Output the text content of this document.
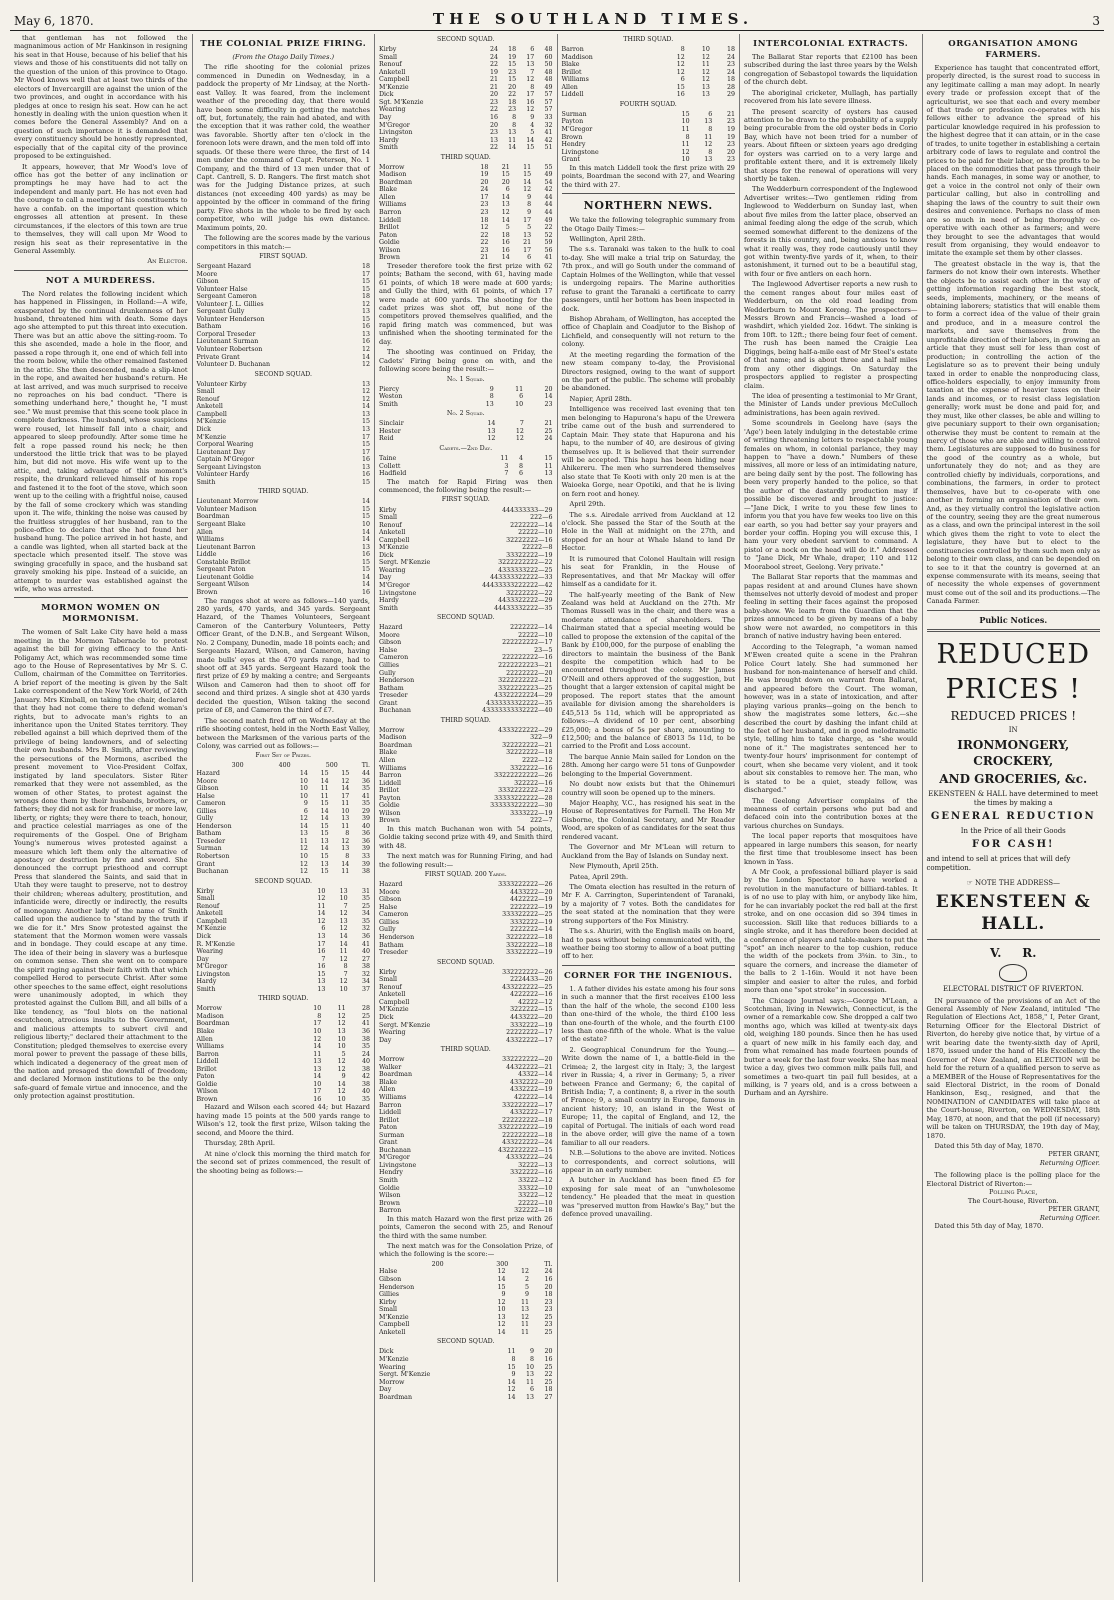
May 6, 1870.	THE SOUTHLAND TIMES.	3

that gentleman has not followed the magnanimous action of Mr Hankinson in resigning his seat in that House, because of his belief that his views and those of his constituents did not tally on the question of the union of this province to Otago. Mr Wood knows well that at least two thirds of the electors of Invercargill are against the union of the two provinces, and ought in accordance with his pledges at once to resign his seat. How can he act honestly in dealing with the union question when it comes before the General Assembly? And on a question of such importance it is demanded that every constituency should be honestly represented, especially that of the capital city of the province proposed to be extinguished.

It appears, however, that Mr Wood's love of office has got the better of any inclination or promptings he may have had to act the independent and manly part. He has not even had the courage to call a meeting of his constituents to have a confab. on the important question which engrosses all attention at present. In these circumstances, if the electors of this town are true to themselves, they will call upon Mr Wood to resign his seat as their representative in the General Assembly.

An Elector.
NOT A MURDERESS.

The Nord relates the following incident which has happened in Flissingen, in Holland:—A wife, exasperated by the continual drunkenness of her husband, threatened him with death. Some days ago she attempted to put this threat into execution. There was but an attic above the sitting-room. To this she ascended, made a hole in the floor, and passed a rope through it, one end of which fell into the room below, while the other remained fastened in the attic. She then descended, made a slip-knot in the rope, and awaited her husband's return. He at last arrived, and was much surprised to receive no reproaches on his bad conduct. "There is something underhand here," thought he, "I must see." We must premise that this scene took place in complete darkness. The husband, whose suspicions were roused, let himself fall into a chair, and appeared to sleep profoundly. After some time he felt a rope passed round his neck; he then understood the little trick that was to be played him, but did not move. His wife went up to the attic, and, taking advantage of this moment's respite, the drunkard relieved himself of his rope and fastened it to the foot of the stove, which soon went up to the ceiling with a frightful noise, caused by the fall of some crockery which was standing upon it. The wife, thinking the noise was caused by the fruitless struggles of her husband, ran to the police-office to declare that she had found her husband hung. The police arrived in hot haste, and a candle was lighted, when all started back at the spectacle which presented itself. The stove was swinging gracefully in space, and the husband sat gravely smoking his pipe. Instead of a suicide, an attempt to murder was established against the wife, who was arrested.

MORMON WOMEN ON MORMONISM.

The women of Salt Lake City have held a mass meeting in the Mormon Tabernacle to protest against the bill for giving efficacy to the Anti-Poligamy Act, which was recommended some time ago to the House of Representatives by Mr S. C. Cullom, chairman of the Committee on Territories. A brief report of the meeting is given by the Salt Lake correspondent of the New York World, of 24th January. Mrs Kimball, on taking the chair, declared that they had not come there to defend woman's rights, but to advocate man's rights to an inheritance upon the United States territory. They rebelled against a bill which deprived them of the privilege of being landowners, and of selecting their own husbands. Mrs B. Smith, after reviewing the persecutions of the Mormons, ascribed the present movement to Vice-President Colfax, instigated by land speculators. Sister Riter remarked that they were not assembled, as the women of other States, to protest against the wrongs done them by their husbands, brothers, or fathers; they did not ask for franchise, or more law, liberty, or rights; they were there to teach, honour, and practice celestial marriages as one of the requirements of the Gospel. One of Brigham Young's numerous wives protested against a measure which left them only the alternative of apostacy or destruction by fire and sword. She denounced the corrupt priesthood and corrupt Press that slandered the Saints, and said that in Utah they were taught to preserve, not to destroy their children; whereas adultery, prostitution, and infanticide were, directly or indirectly, the results of monogamy. Another lady of the name of Smith called upon the audience to "stand by the truth if we die for it." Mrs Snow protested against the statement that the Mormon women were vassals and in bondage. They could escape at any time. The idea of their being in slavery was a burlesque on common sense. Then she went on to compare the spirit raging against their faith with that which compelled Herod to persecute Christ. After some other speeches to the same effect, eight resolutions were unanimously adopted, in which they protested against the Cullom Bill, and all bills of a like tendency, as "foul blots on the national escutcheon, atrocious insults to the Government, and malicious attempts to subvert civil and religious liberty;" declared their attachment to the Constitution; pledged themselves to exercise every moral power to prevent the passage of these bills, which indicated a degeneracy of the great men of the nation and presaged the downfall of freedom; and declared Mormon institutions to be the only safe-guard of female virtue and innocence, and the only protection against prostitution.

THE COLONIAL PRIZE FIRING.
(From the Otago Daily Times.)

The rifle shooting for the colonial prizes commenced in Dunedin on Wednesday, in a paddock the property of Mr Lindsay, at the North-east Valley. It was feared, from the inclement weather of the preceding day, that there would have been some difficulty in getting the matches off, but, fortunately, the rain had abated, and with the exception that it was rather cold, the weather was favorable. Shortly after ten o'clock in the forenoon lots were drawn, and the men told off into squads. Of these there were three, the first of 14 men under the command of Capt. Peterson, No. 1 Company, and the third of 13 men under that of Capt. Cantrell, S. D. Rangers. The first match shot was for the Judging Distance prizes, at such distances (not exceeding 400 yards) as may be appointed by the officer in command of the firing party. Five shots in the whole to be fired by each competitor, who will judge his own distance. Maximum points, 20.

The following are the scores made by the various competitors in this match:—

FIRST SQUAD.
Sergeant Hazard	18
Moore	17
Gibson	15
Volunteer Halse	15
Sergeant Cameron	18
Volunteer J. L. Gillies	12
Sergeant Gully	13
Volunteer Henderson	15
Batham	16
Corporal Treseder	13
Lieutenant Surman	16
Volunteer Robertson	12
Private Grant	14
Volunteer D. Buchanan	12
SECOND SQUAD.
Volunteer Kirby	13
Small	12
Renouf	12
Anketell	14
Campbell	13
M'Kenzie	15
Dick	13
M'Kenzie	17
Corporal Wearing	15
Lieutenant Day	17
Captain M'Gregor	16
Sergeant Livingston	13
Volunteer Hardy	16
Smith	15
THIRD SQUAD.
Lieutenant Morrow	14
Volunteer Madison	15
Boardman	15
Sergeant Blake	10
Allen	14
Williams	14
Lieutenant Barron	13
Liddle	16
Constable Brillot	15
Sergeant Paton	15
Lieutenant Goldie	14
Sergeant Wilson	14
Brown	16

The ranges shot at were as follows—140 yards, 280 yards, 470 yards, and 345 yards. Sergeant Hazard, of the Thames Volunteers, Sergeant Cameron of the Canterbury Volunteers, Petty Officer Grant, of the D.N.B., and Sergeant Wilson, No. 2 Company, Dunedin, made 18 points each; and Sergeants Hazard, Wilson, and Cameron, having made bulls' eyes at the 470 yards range, had to shoot off at 345 yards. Sergeant Hazard took the first prize of £9 by making a centre; and Sergeants Wilson and Cameron had then to shoot off for second and third prizes. A single shot at 430 yards decided the question, Wilson taking the second prize of £8, and Cameron the third of £7.

The second match fired off on Wednesday at the rifle shooting contest, held in the North East Valley, between the Marksmen of the various parts of the Colony, was carried out as follows:—

First Set of Prizes.
	300	400	500	Tl.
Hazard	14	15	15	44
Moore	10	14	12	36
Gibson	10	11	14	35
Halse	10	11	17	41
Cameron	9	15	11	35
Gillies	6	14	10	29
Gully	12	14	13	39
Henderson	14	15	11	40
Batham	13	15	8	36
Treseder	11	13	12	36
Surman	12	14	13	39
Robertson	10	15	8	33
Grant	12	13	14	39
Buchanan	12	15	11	38
SECOND SQUAD.
Kirby	10	13	31
Small	12	10	35
Renouf	11	7	25
Anketell	14	12	34
Campbell	12	13	35
M'Kenzie	6	12	32
Dick	13	14	36
R. M'Kenzie	17	14	41
Wearing	16	11	40
Day	7	12	27
M'Gregor	16	8	38
Livingston	15	7	32
Hardy	13	12	34
Smith	13	10	37
THIRD SQUAD.
Morrow	10	11	28
Madison	8	12	25
Boardman	17	12	41
Blake	10	13	36
Allen	12	10	38
Williams	14	10	35
Barron	11	5	24
Liddell	13	12	40
Brillot	13	12	38
Paton	14	9	42
Goldie	10	14	38
Wilson	17	12	40
Brown	16	10	35

Hazard and Wilson each scored 44; but Hazard having made 15 points at the 500 yards range to Wilson's 12, took the first prize, Wilson taking the second, and Moore the third.

Thursday, 28th April.

At nine o'clock this morning the third match for the second set of prizes commenced, the result of the shooting being as follows:—

SECOND SQUAD.
Kirby	24	18	6	48
Small	24	19	17	60
Renouf	22	15	13	50
Anketell	19	23	7	48
Campbell	21	15	12	48
M'Kenzie	21	20	8	49
Dick	20	22	17	57
Sgt. M'Kenzie	23	18	16	57
Wearing	22	23	12	57
Day	16	8	9	33
M'Gregor	20	8	4	32
Livingston	23	13	5	41
Hardy	13	11	14	42
Smith	22	14	15	51
THIRD SQUAD.
Morrow	18	21	11	55
Madison	19	15	15	49
Boardman	20	20	14	54
Blake	24	6	12	42
Allen	17	14	9	44
Williams	23	13	8	44
Barron	23	12	9	44
Liddell	18	14	17	49
Brillot	12	5	5	22
Paton	22	18	13	52
Goldie	22	16	21	59
Wilson	23	16	17	56
Brown	21	14	6	41

Treseder therefore took the first prize with 62 points; Batham the second, with 61, having made 61 points, of which 18 were made at 600 yards; and Gully the third, with 61 points, of which 17 were made at 600 yards. The shooting for the cadet prizes was shot off, but none of the competitors proved themselves qualified, and the rapid firing match was commenced, but was unfinished when the shooting terminated for the day.

The shooting was continued on Friday, the Cadets' Firing being gone on with, and the following score being the result:—

No. 1 Squad.
Piercy	9	11	20
Weston	8	6	14
Smith	13	10	23
No. 2 Squad.
Sinclair	14	7	21
Hester	13	12	25
Reid	12	12	24
Cadets.—2nd Day.
Taine	11	4	15
Collett	3	8	11
Hadfield	7	6	13

The match for Rapid Firing was then commenced, the following being the result:—

FIRST SQUAD.
Kirby	444333333—29
Small	222—6
Renouf	2222222—14
Anketell	22222—10
Campbell	32222222—16
M'Kenzie	22222—8
Dick	33322222—19
Sergt. M'Kenzie	3222222222—22
Wearing	4333333222—25
Day	443333322222—33
M'Gregor	44433333222222—42
Livingstone	32222222—22
Hardy	4433322222—29
Smith	44433332222—35
SECOND SQUAD.
Hazard	2222222—14
Moore	22222—10
Gibson	222222222—17
Halse	23—5
Cameron	222222222—16
Gillies	2222222223—21
Gully	22222222—20
Henderson	3222222222—21
Batham	3322222223—25
Treseder	43322222224—29
Grant	4333333322222—35
Buchanan	43333333332222—40
THIRD SQUAD.
Morrow	4333222222—29
Madison	322—9
Boardman	322222222—21
Blake	32222222—18
Allen	2222—12
Williams	3322222—16
Barron	33222222222—26
Liddell	322222—16
Brillot	3332222222—23
Payton	33333222222—28
Goldie	333333222222—30
Wilson	3333222—19
Brown	222—7

In this match Buchanan won with 54 points, Goldie taking second prize with 49, and Smith third with 48.

The next match was for Running Firing, and had the following result:—

FIRST SQUAD. 200 Yards.
Hazard	3333222222—26
Moore	4433222—20
Gibson	4422222—19
Halse	2222222—19
Cameron	333322222—25
Gillies	3332222—19
Gully	2222222—14
Henderson	32222222—18
Batham	33222222—18
Treseder	33322222—19
SECOND SQUAD.
Kirby	332222222—26
Small	2224433—20
Renouf	433222222—25
Anketell	4222222—16
Campbell	42222—12
M'Kenzie	3222222—15
Dick	4433222—20
Sergt. M'Kenzie	3332222—19
Wearing	22222222—17
Day	43322222—17
THIRD SQUAD.
Morrow	332222222—20
Walker	44322222—21
Boardman	43322—14
Blake	4332222—20
Allen	4332222—19
Williams	422222—14
Barron	332222222—17
Liddell	4332222—17
Brillot	222222222—18
Paton	3322222222—19
Surman	222222222—18
Grant	433222222—24
Buchanan	4322222222—15
M'Gregor	43332222—24
Livingstone	32222—13
Hendry	3322222—16
Smith	33222—12
Goldie	33322—10
Wilson	33222—12
Brown	22222—10
Barron	322222—18

In this match Hazard won the first prize with 26 points, Cameron the second with 25, and Renouf the third with the same number.

The next match was for the Consolation Prize, of which the following is the score:—

	200	300	Tl.
Halse	12	12	24
Gibson	14	2	16
Henderson	15	5	20
Gillies	9	9	18
Kirby	12	11	23
Small	10	13	23
M'Kenzie	13	12	25
Campbell	12	11	23
Anketell	14	11	25
SECOND SQUAD.
Dick	11	9	20
M'Kenzie	8	8	16
Wearing	15	10	25
Sergt. M'Kenzie	9	13	22
Morrow	14	11	25
Day	12	6	18
Boardman	14	13	27
THIRD SQUAD.
Barron	8	10	18
Maddison	12	12	24
Blake	12	11	23
Brillot	12	12	24
Williams	6	12	18
Allen	15	13	28
Liddell	16	13	29
FOURTH SQUAD.
Surman	15	6	21
Payton	10	13	23
M'Gregor	11	8	19
Brown	8	11	19
Hendry	11	12	23
Livingstone	12	8	20
Grant	10	13	23

In this match Liddell took the first prize with 29 points, Boardman the second with 27, and Wearing the third with 27.

NORTHERN NEWS.

We take the following telegraphic summary from the Otago Daily Times:—

Wellington, April 28th.

The s.s. Taranaki was taken to the hulk to coal to-day. She will make a trial trip on Saturday, the 7th prox., and will go South under the command of Captain Holmes of the Wellington, while that vessel is undergoing repairs. The Marine authorities refuse to grant the Taranaki a certificate to carry passengers, until her bottom has been inspected in dock.

Bishop Abraham, of Wellington, has accepted the office of Chaplain and Coadjutor to the Bishop of Lichfield, and consequently will not return to the colony.

At the meeting regarding the formation of the new steam company to-day, the Provisional Directors resigned, owing to the want of support on the part of the public. The scheme will probably be abandoned.

Napier, April 28th.

Intelligence was received last evening that ten men belonging to Hapurona's hapu of the Urewera tribe came out of the bush and surrendered to Captain Mair. They state that Hapurona and his hapu, to the number of 40, are desirous of giving themselves up. It is believed that their surrender will be accepted. This hapu has been hiding near Ahikereru. The men who surrendered themselves also state that Te Kooti with only 20 men is at the Waioeka Gorge, near Opotiki, and that he is living on fern root and honey.

April 29th.

The s.s. Airedale arrived from Auckland at 12 o'clock. She passed the Star of the South at the Hole in the Wall at midnight on the 27th, and stopped for an hour at Whale Island to land Dr Hector.

It is rumoured that Colonel Haultain will resign his seat for Franklin, in the House of Representatives, and that Mr Mackay will offer himself as a candidate for it.

The half-yearly meeting of the Bank of New Zealand was held at Auckland on the 27th. Mr Thomas Russell was in the chair, and there was a moderate attendance of shareholders. The Chairman stated that a special meeting would be called to propose the extension of the capital of the Bank by £100,000, for the purpose of enabling the directors to maintain the business of the Bank despite the competition which had to be encountered throughout the colony. Mr James O'Neill and others approved of the suggestion, but thought that a larger extension of capital might be proposed. The report states that the amount available for division among the shareholders is £45,513 5s 11d, which will be appropriated as follows:—A dividend of 10 per cent, absorbing £25,000; a bonus of 5s per share, amounting to £12,500; and the balance of £8013 5s 11d, to be carried to the Profit and Loss account.

The barque Annie Main sailed for London on the 28th. Among her cargo were 51 tons of Gunpowder belonging to the Imperial Government.

No doubt now exists but that the Ohinemuri country will soon be opened up to the miners.

Major Heaphy, V.C., has resigned his seat in the House of Representatives for Parnell. The Hon Mr Gisborne, the Colonial Secretary, and Mr Reader Wood, are spoken of as candidates for the seat thus rendered vacant.

The Governor and Mr M'Lean will return to Auckland from the Bay of Islands on Sunday next.

New Plymouth, April 25th.

Patea, April 29th.

The Omata election has resulted in the return of Mr F. A. Carrington, Superintendent of Taranaki, by a majority of 7 votes. Both the candidates for the seat stated at the nomination that they were strong supporters of the Fox Ministry.

The s.s. Ahuriri, with the English mails on board, had to pass without being communicated with, the weather being too stormy to allow of a boat putting off to her.

CORNER FOR THE INGENIOUS.

1. A father divides his estate among his four sons in such a manner that the first receives £100 less than the half of the whole, the second £100 less than one-third of the whole, the third £100 less than one-fourth of the whole, and the fourth £100 less than one-fifth of the whole. What is the value of the estate?

2. Geographical Conundrum for the Young.—Write down the name of 1, a battle-field in the Crimea; 2, the largest city in Italy; 3, the largest river in Russia; 4, a river in Germany; 5, a river between France and Germany; 6, the capital of British India; 7, a continent; 8, a river in the south of France; 9, a small country in Europe, famous in ancient history; 10, an island in the West of Europe; 11, the capital of England, and 12, the capital of Portugal. The initials of each word read in the above order, will give the name of a town familiar to all our readers.

N.B.—Solutions to the above are invited. Notices to correspondents, and correct solutions, will appear in an early number.

A butcher in Auckland has been fined £5 for exposing for sale meat of an "unwholesome tendency." He pleaded that the meat in question was "preserved mutton from Hawke's Bay," but the defence proved unavailing.

INTERCOLONIAL EXTRACTS.

The Ballarat Star reports that £2100 has been subscribed during the last three years by the Welsh congregation of Sebastopol towards the liquidation of the church debt.

The aboriginal cricketer, Mullagh, has partially recovered from his late severe illness.

The present scarcity of oysters has caused attention to be drawn to the probability of a supply being procurable from the old oyster beds in Corio Bay, which have not been tried for a number of years. About fifteen or sixteen years ago dredging for oysters was carried on to a very large and profitable extent there, and it is extremely likely that steps for the renewal of operations will very shortly be taken.

The Wedderburn correspondent of the Inglewood Advertiser writes:—Two gentlemen riding from Inglewood to Wedderburn on Sunday last, when about five miles from the latter place, observed an animal feeding along the edge of the scrub, which seemed somewhat different to the denizens of the forests in this country, and, being anxious to know what it really was, they rode cautiously until they got within twenty-five yards of it, when, to their astonishment, it turned out to be a beautiful stag, with four or five antlers on each horn.

The Inglewood Advertiser reports a new rush to the cement ranges about four miles east of Wedderburn, on the old road leading from Wedderburn to Mount Korong. The prospectors—Messrs Brown and Francis—washed a load of washdirt, which yielded 2oz. 16dwt. The sinking is from 10ft. to 12ft.; there being four feet of cement. The rush has been named the Craigie Lea Diggings, being half-a-mile east of Mr Steel's estate of that name; and is about three and a half miles from any other diggings. On Saturday the prospectors applied to register a prospecting claim.

The idea of presenting a testimonial to Mr Grant, the Minister of Lands under previous McCulloch administrations, has been again revived.

Some scoundrels in Geelong have (says the 'Age') been lately indulging in the detestable crime of writing threatening letters to respectable young females on whom, in colonial parlance, they may happen to "have a down." Numbers of these missives, all more or less of an intimidating nature, are being daily sent by the post. The following has been very properly handed to the police, so that the author of the dastardly production may if possible be discovered and brought to justice:—"Jane Dick, I write to you these few lines to inform you that you have few weeks too live on this ear earth, so you had better say your prayers and border your coffin. Hoping you will excuse this, I ham your very obedent sarvient to command. A pistol or a nock on the head will do it." Addressed to "Jane Dick, Mr Whale, draper, 110 and 112 Moorabool street, Geelong. Very private."

The Ballarat Star reports that the mammas and papas resident at and around Clunes have shown themselves not utterly devoid of modest and proper feeling in setting their faces against the proposed baby-show. We learn from the Guardian that the prizes announced to be given by means of a baby show were not awarded, no competitors in this branch of native industry having been entered.

According to the Telegraph, "a woman named M'Ewen created quite a scene in the Prahran Police Court lately. She had summoned her husband for non-maintenance of herself and child. He was brought down on warrant from Ballarat, and appeared before the Court. The woman, however, was in a state of intoxication, and after playing various pranks—going on the bench to show the magistrates some letters, &c.—she described the court by dashing the infant child at the feet of her husband, and in good melodramatic style, telling him to take charge, as "she would none of it." The magistrates sentenced her to twenty-four hours' imprisonment for contempt of court, when she became very violent, and it took about six constables to remove her. The man, who is stated to be a quiet, steady fellow, was discharged."

The Geelong Advertiser complains of the meanness of certain persons who put bad and defaced coin into the contribution boxes at the various churches on Sundays.

The local paper reports that mosquitoes have appeared in large numbers this season, for nearly the first time that troublesome insect has been known in Yass.

A Mr Cook, a professional billiard player is said by the London Spectator to have worked a revolution in the manufacture of billiard-tables. It is of no use to play with him, or anybody like him, for he can invariably pocket the red ball at the first stroke, and on one occasion did so 394 times in succession. Skill like that reduces billiards to a single stroke, and it has therefore been decided at a conference of players and table-makers to put the "spot" an inch nearer to the top cushion, reduce the width of the pockets from 3⅝in. to 3in., to square the corners, and increase the diameter of the balls to 2 1-16in. Would it not have been simpler and easier to alter the rules, and forbid more than one "spot stroke" in succession.

The Chicago Journal says:—George M'Lean, a Scotchman, living in Newwich, Connecticut, is the owner of a remarkable cow. She dropped a calf two months ago, which was killed at twenty-six days old, weighing 180 pounds. Since then he has used a quart of new milk in his family each day, and from what remained has made fourteen pounds of butter a week for the last four weeks. She has meal twice a day, gives two common milk pails full, and sometimes a two-quart tin pail full besides, at a milking, is 7 years old, and is a cross between a Durham and an Ayrshire.

ORGANISATION AMONG FARMERS.

Experience has taught that concentrated effort, properly directed, is the surest road to success in any legitimate calling a man may adopt. In nearly every trade or profession except that of the agriculturist, we see that each and every member of that trade or profession co-operates with his fellows either to advance the spread of his particular knowledge required in his profession to the highest degree that it can attain, or in the case of trades, to unite together in establishing a certain arbitrary code of laws to regulate and control the prices to be paid for their labor, or the profits to be placed on the commodities that pass through their hands. Each manages, in some way or another, to get a voice in the control not only of their own particular calling, but also in controlling and shaping the laws of the country to suit their own desires and convenience. Perhaps no class of men are so much in need of being thoroughly co-operative with each other as farmers; and were they brought to see the advantages that would result from organising, they would endeavor to imitate the example set them by other classes.

The greatest obstacle in the way is, that the farmers do not know their own interests. Whether the objects be to assist each other in the way of getting information regarding the best stock, seeds, implements, machinery, or the means of obtaining laborers; statistics that will enable them to form a correct idea of the value of their grain and produce, and in a measure control the markets, and save themselves from the unprofitable direction of their labors, in growing an article that they must sell for less than cost of production; in controlling the action of the Legislature so as to prevent their being unduly taxed in order to enable the nonproducing class, office-holders especially, to enjoy immunity from taxation at the expense of heavier taxes on their lands and incomes, or to resist class legislation generally; work must be done and paid for, and they must, like other classes, be able and willing to give pecuniary support to their own organisation; otherwise they must be content to remain at the mercy of those who are able and willing to control them. Legislatures are supposed to do business for the good of the country as a whole, but unfortunately they do not; and as they are controlled chiefly by individuals, corporations, and combinations, the farmers, in order to protect themselves, have but to co-operate with one another in forming an organisation of their own. And, as they virtually control the legislative action of the country, seeing they are the great numerous as a class, and own the principal interest in the soil which gives them the right to vote to elect the legislature, they have but to elect to the constituencies controlled by them such men only as belong to their own class, and can be depended on to see to it that the country is governed at an expense commensurate with its means, seeing that of necessity the whole expenses of government must come out of the soil and its productions.—The Canada Farmer.

Public Notices.
REDUCED PRICES !
REDUCED PRICES !
IN
IRONMONGERY, CROCKERY,
AND GROCERIES, &c.
EKENSTEEN & HALL have determined to meet the times by making a
GENERAL REDUCTION
In the Price of all their Goods
FOR CASH!
and intend to sell at prices that will defy competition.
☞ NOTE THE ADDRESS—
EKENSTEEN & HALL.
V.     R.
ELECTORAL DISTRICT OF RIVERTON.

IN pursuance of the provisions of an Act of the General Assembly of New Zealand, intituled "The Regulation of Elections Act, 1858," I, Peter Grant, Returning Officer for the Electoral District of Riverton, do hereby give notice that, by virtue of a writ bearing date the twenty-sixth day of April, 1870, issued under the hand of His Excellency the Governor of New Zealand, an ELECTION will be held for the return of a qualified person to serve as a MEMBER of the House of Representatives for the said Electoral District, in the room of Donald Hankinson, Esq., resigned, and that the NOMINATION of CANDIDATES will take place at the Court-house, Riverton, on WEDNESDAY, 18th May, 1870, at noon, and that the poll (if necessary) will be taken on THURSDAY, the 19th day of May, 1870.

Dated this 5th day of May, 1870.
PETER GRANT,
Returning Officer.
The following place is the polling place for the Electoral District of Riverton:—
Polling Place,
The Court-house, Riverton.
PETER GRANT,
Returning Officer.
Dated this 5th day of May, 1870.
